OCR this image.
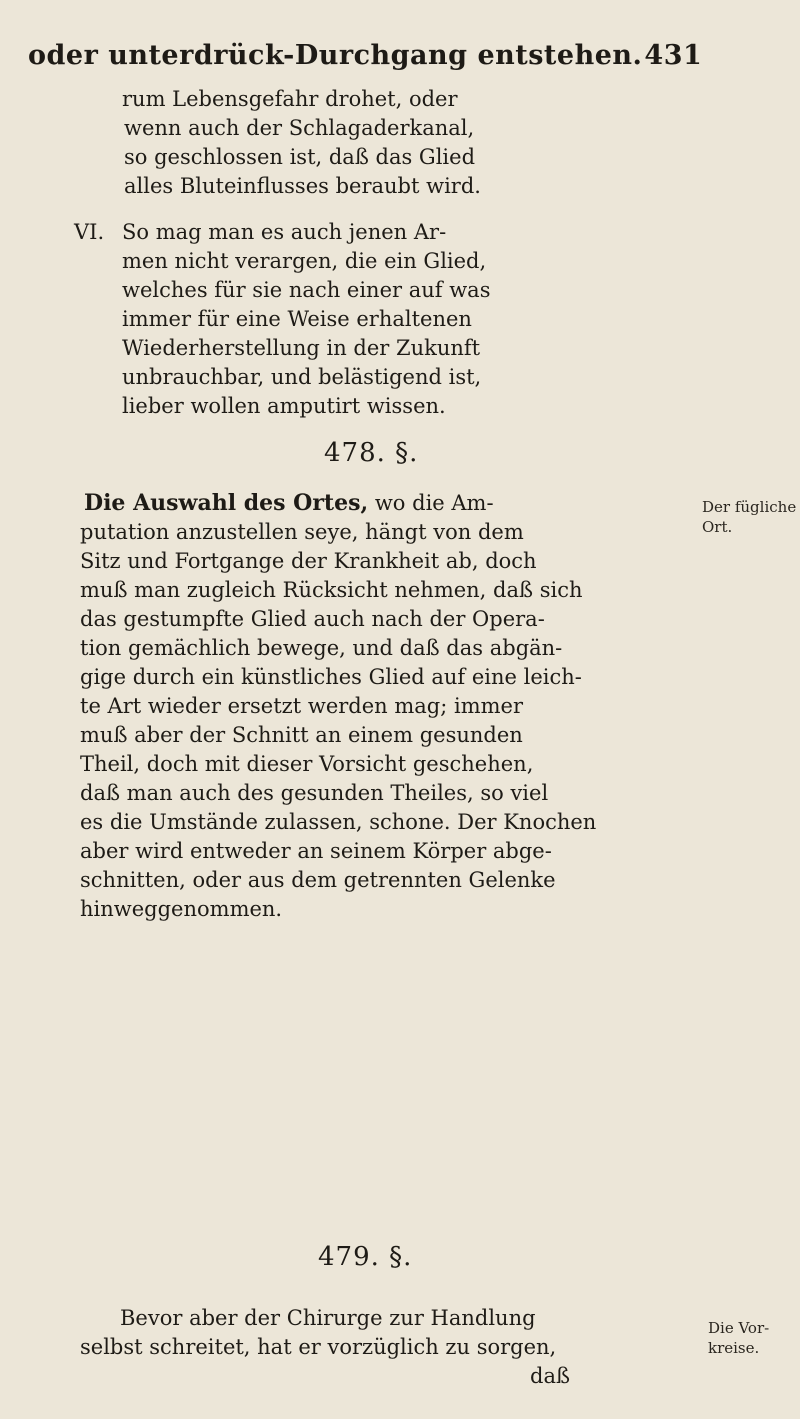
oder unterdrück-Durchgang entstehen.431
rum Lebensgefahr drohet, oder
wenn auch der Schlagaderkanal,
so geschlossen ist, daß das Glied
alles Bluteinflusses beraubt wird.
VI. So mag man es auch jenen Ar-
men nicht verargen, die ein Glied,
welches für sie nach einer auf was
immer für eine Weise erhaltenen
Wiederherstellung in der Zukunft
unbrauchbar, und belästigend ist,
lieber wollen amputirt wissen.
478. §.
Die Auswahl des Ortes, wo die Am-
putation anzustellen seye, hängt von dem
Sitz und Fortgange der Krankheit ab, doch
muß man zugleich Rücksicht nehmen, daß sich
das gestumpfte Glied auch nach der Opera-
tion gemächlich bewege, und daß das abgän-
gige durch ein künstliches Glied auf eine leich-
te Art wieder ersetzt werden mag; immer
muß aber der Schnitt an einem gesunden
Theil, doch mit dieser Vorsicht geschehen,
daß man auch des gesunden Theiles, so viel
es die Umstände zulassen, schone. Der Knochen
aber wird entweder an seinem Körper abge-
schnitten, oder aus dem getrennten Gelenke
hinweggenommen.
Der fügliche
Ort.
479. §.
Bevor aber der Chirurge zur Handlung
selbst schreitet, hat er vorzüglich zu sorgen,
daß
Die Vor-
kreise.
